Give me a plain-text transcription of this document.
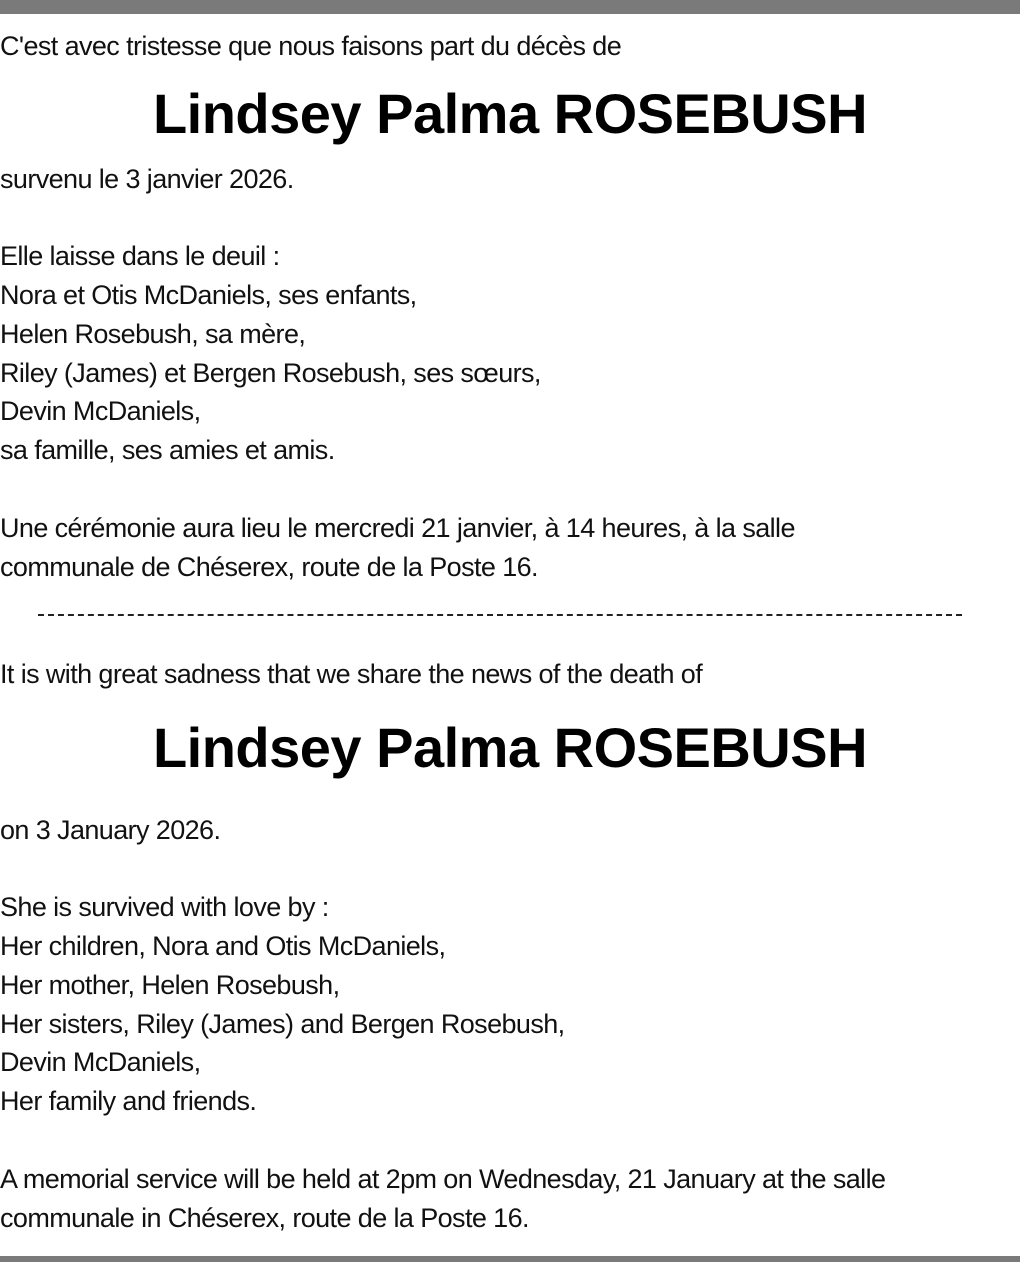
C'est avec tristesse que nous faisons part du décès de
Lindsey Palma ROSEBUSH
survenu le 3 janvier 2026.
Elle laisse dans le deuil :
Nora et Otis McDaniels, ses enfants,
Helen Rosebush, sa mère,
Riley (James) et Bergen Rosebush, ses sœurs,
Devin McDaniels,
sa famille, ses amies et amis.
Une cérémonie aura lieu le mercredi 21 janvier, à 14 heures, à la salle
communale de Chéserex, route de la Poste 16.
It is with great sadness that we share the news of the death of
Lindsey Palma ROSEBUSH
on 3 January 2026.
She is survived with love by :
Her children, Nora and Otis McDaniels,
Her mother, Helen Rosebush,
Her sisters, Riley (James) and Bergen Rosebush,
Devin McDaniels,
Her family and friends.
A memorial service will be held at 2pm on Wednesday, 21 January at the salle
communale in Chéserex, route de la Poste 16.
